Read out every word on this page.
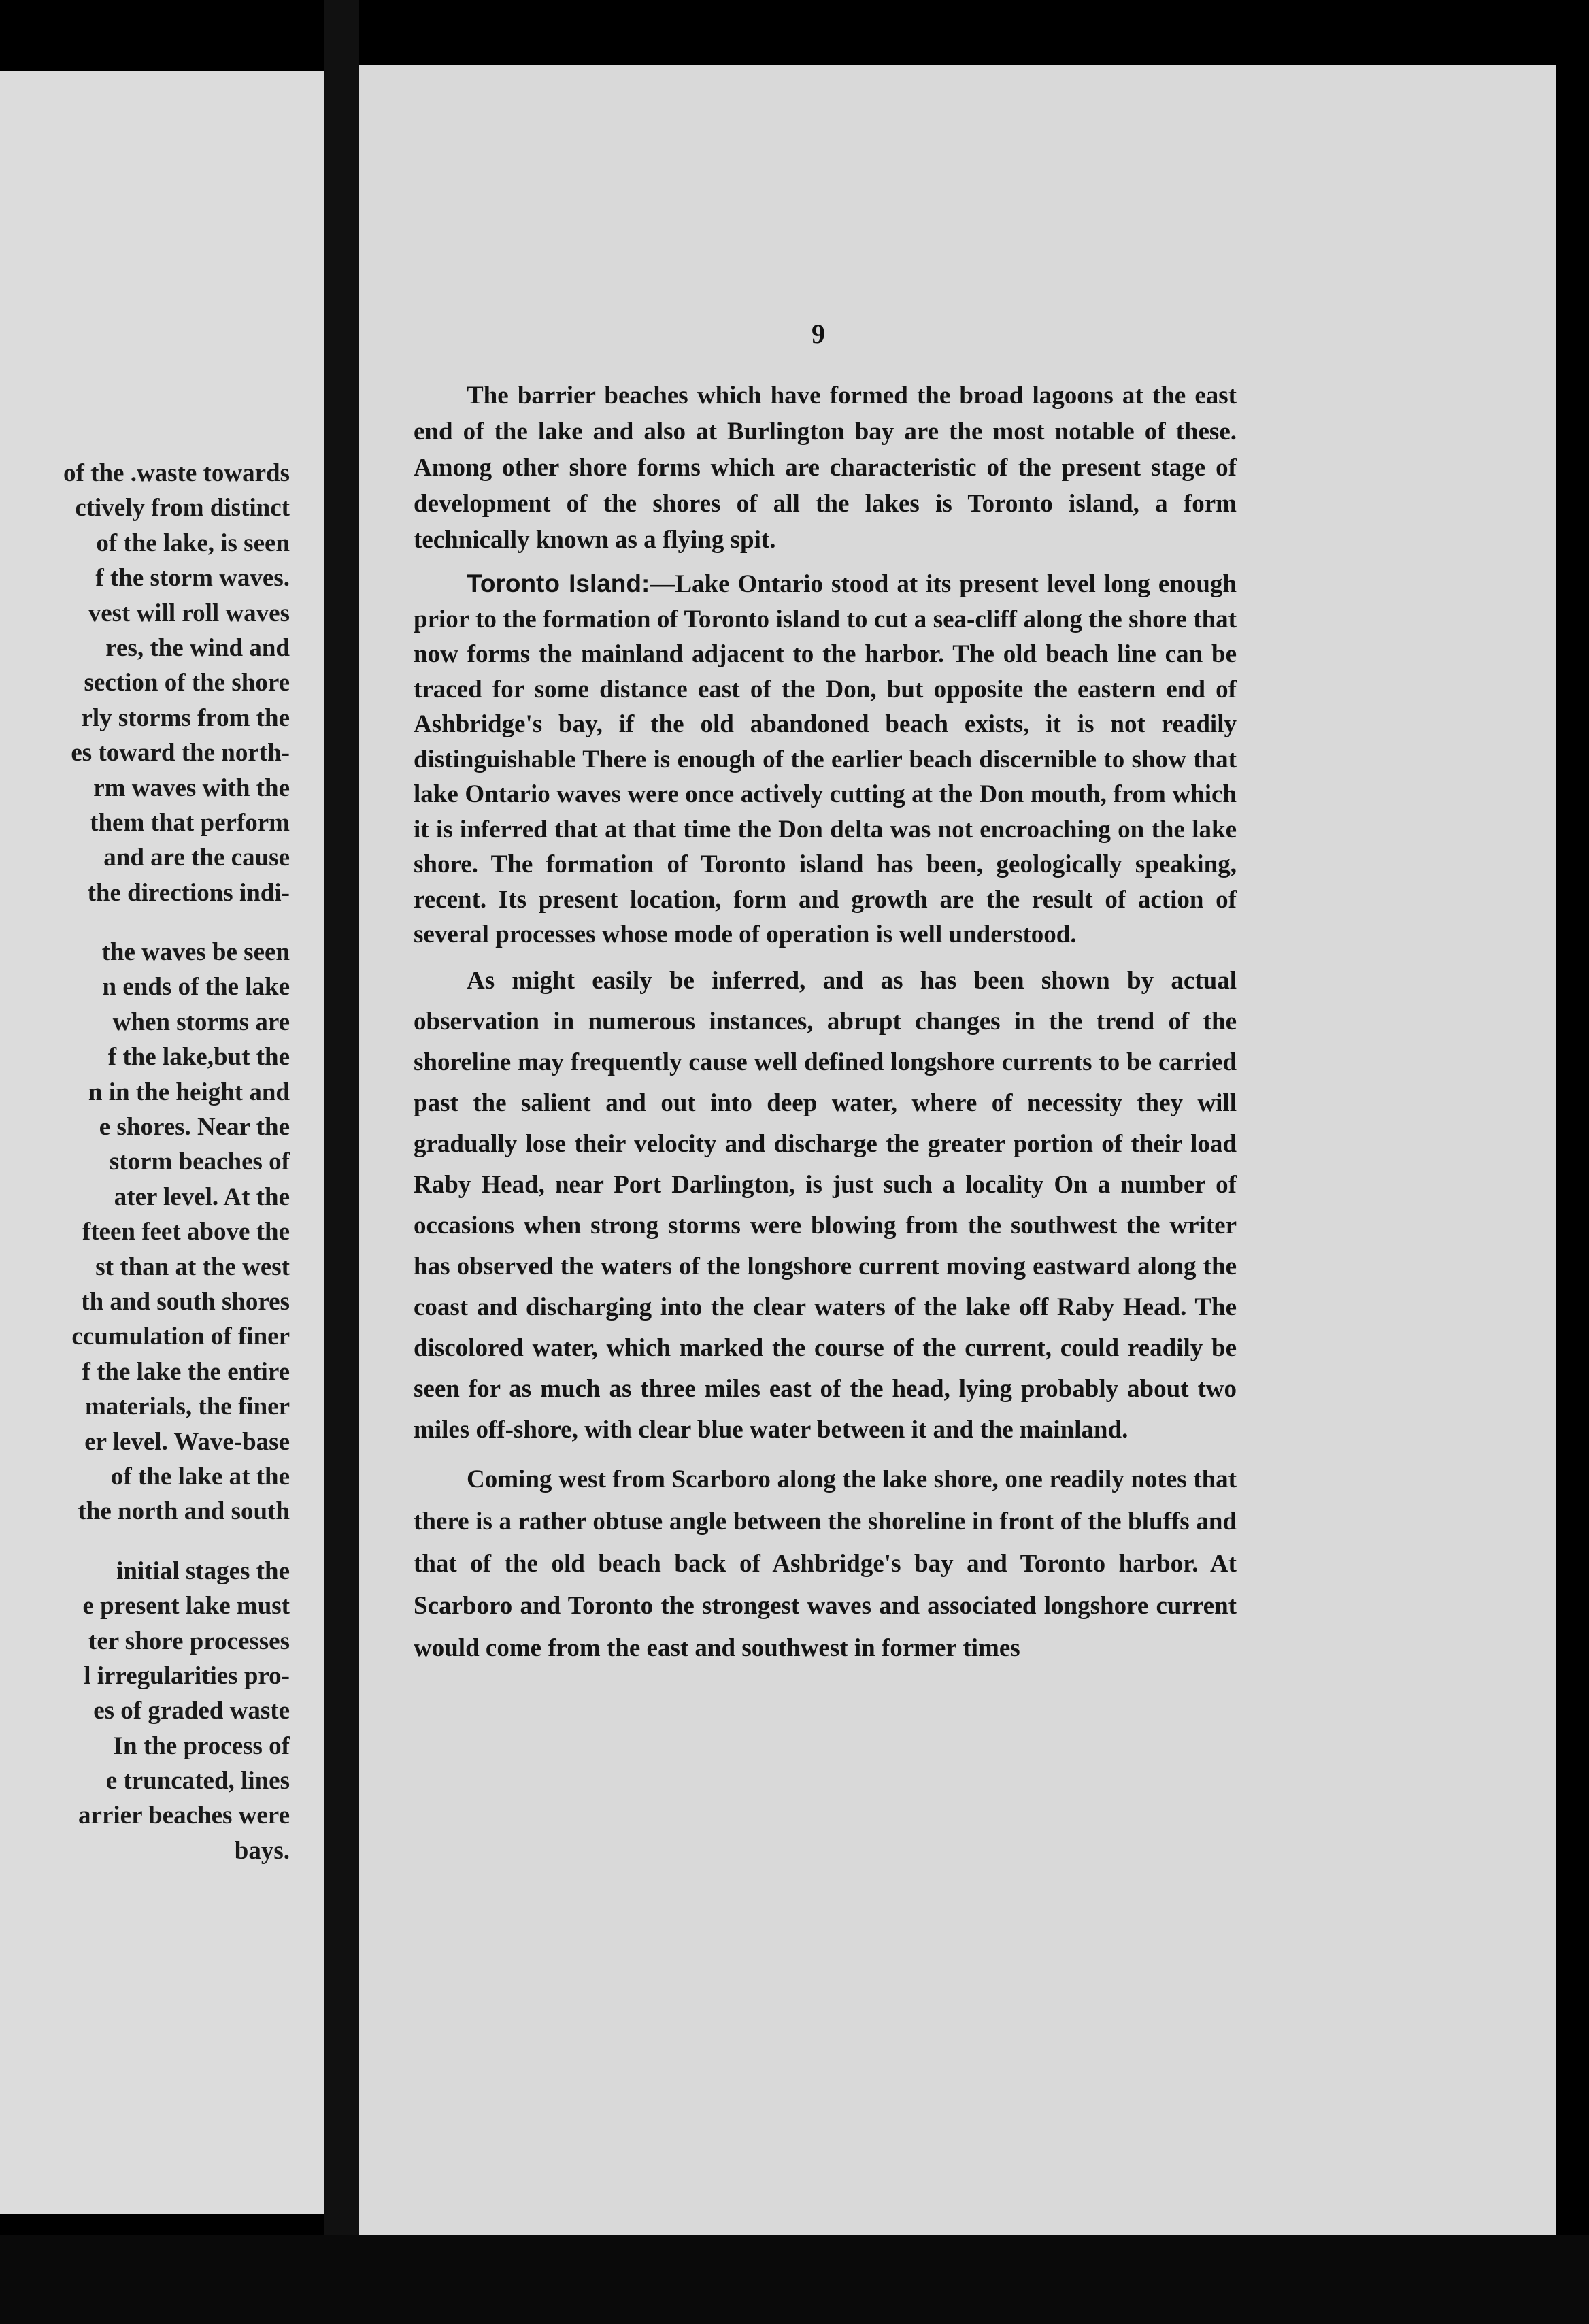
of the .waste towards
ctively from distinct
of the lake, is seen
f the storm waves.
vest will roll waves
res, the wind and
section of the shore
rly storms from the
es toward the north-
rm waves with the
them that perform
and are the cause
the directions indi-
the waves be seen
n ends of the lake
when storms are
f the lake,but the
n in the height and
e shores. Near the
storm beaches of
ater level. At the
fteen feet above the
st than at the west
th and south shores
ccumulation of finer
f the lake the entire
materials, the finer
er level. Wave-base
of the lake at the
the north and south
initial stages the
e present lake must
ter shore processes
l irregularities pro-
es of graded waste
In the process of
e truncated, lines
arrier beaches were
bays.
9

The barrier beaches which have formed the broad lagoons at the east end of the lake and also at Burlington bay are the most notable of these. Among other shore forms which are characteristic of the present stage of development of the shores of all the lakes is Toronto island, a form technically known as a flying spit.

Toronto Island:—Lake Ontario stood at its present level long enough prior to the formation of Toronto island to cut a sea-cliff along the shore that now forms the mainland adjacent to the harbor. The old beach line can be traced for some distance east of the Don, but opposite the eastern end of Ashbridge's bay, if the old abandoned beach exists, it is not readily distinguishable There is enough of the earlier beach discernible to show that lake Ontario waves were once actively cutting at the Don mouth, from which it is inferred that at that time the Don delta was not encroaching on the lake shore. The formation of Toronto island has been, geologically speaking, recent. Its present location, form and growth are the result of action of several processes whose mode of operation is well understood.

As might easily be inferred, and as has been shown by actual observation in numerous instances, abrupt changes in the trend of the shoreline may frequently cause well defined longshore currents to be carried past the salient and out into deep water, where of necessity they will gradually lose their velocity and discharge the greater portion of their load Raby Head, near Port Darlington, is just such a locality On a number of occasions when strong storms were blowing from the southwest the writer has observed the waters of the longshore current moving eastward along the coast and discharging into the clear waters of the lake off Raby Head. The discolored water, which marked the course of the current, could readily be seen for as much as three miles east of the head, lying probably about two miles off-shore, with clear blue water between it and the mainland.

Coming west from Scarboro along the lake shore, one readily notes that there is a rather obtuse angle between the shoreline in front of the bluffs and that of the old beach back of Ashbridge's bay and Toronto harbor. At Scarboro and Toronto the strongest waves and associated longshore current would come from the east and southwest in former times
